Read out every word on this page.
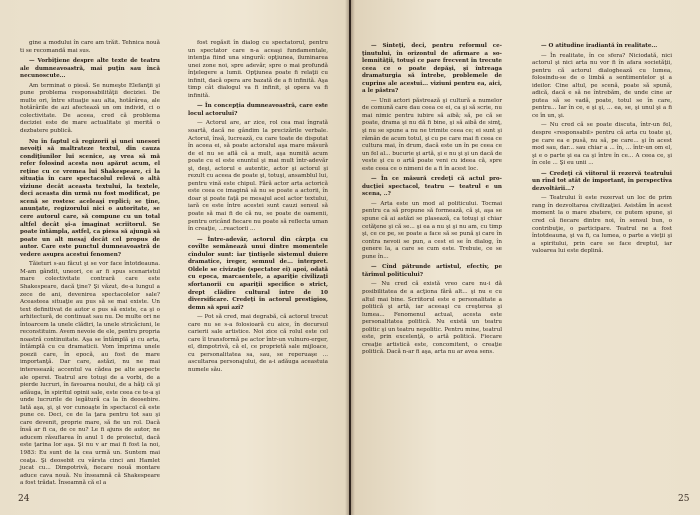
gine a modului în care am trăit. Tehnica nouă ti se recomandă mai sus.

— Vorbiţiene despre alte texte de teatru ale dumneavoastră, mai puţin sau încă necunoscute...

Am terminat o piesă. Se numeşte Elefanţii şi pune problema responsabilităţii deciziei. De multe ori, între situaţie sau alta, hotărârea, ale hotărârile de azi afectează un om individ, ci o colectivitate. De aceea, cred că problema deciziei este de mare actualitate şi merită o dezbatere publică.

Nu în faptul că regizorii şi unei unesori nevoiţi să maltrateze textul, din cauza condiţiunilor lui scenice, aş vrea să mă refer folosind acesta nou apărut acum, el reţine cu ce vremea lui Shakespeare, ci la situaţia în care spectacolul relevă o altă viziune decât aceasta textului, la textele, deci aceasta din urmă nu fost modificat, pe scenă se rostesc aceleaşi replici; se ţine, anunţate, regizorului nici o autoritate, se cere autorul care, să compune cu un total altfel decât şi-a imaginat scriitorul. Se poate întâmpla, astfel, ca piesa să ajungă să poate un alt mesaj decât cel propus de autor. Care este punctul dumneavoastră de vedere asupra acestui fenomen?

Tăieturi s-au făcut şi se vor face întotdeauna. M-am gândit, uneori, ce ar fi spus scenaristul mare colectivitate contrară care este Shakespeare, dacă ţine? Şi văzut, de-a lungul a zece de ani, devenirea spectacolelor sale? Aceasteea situaţie au pus să se mai existe. Un text definitivat de autor e pus să existe, ca şi o arhitectură, de continuat sau nu. De multe ori ne întoarcem la unele clădiri, la unele stricăciuni, le reconstituim. Avem nevoie de ele, pentru propria noastră continuitate. Aşa se întâmplă şi cu arta, întâmplă cu cu dramaticii. Vom împrima unele poezii care, în epocă, au fost de mare importanţă. Dar care, astăzi, nu ne mai interesează; accentul va cădea pe alte aspecte ale operei. Teatrul are totuşi de a vorbi, de a pierde lucruri, în favoarea noului, de a hăţi că şi adăuga, în spiritul opinii sale, este ceea ce te-a şi unde lucrurile de legătură ca la în deosebire. Iată aşa, şi, şi vor cunoaşte în spectacol că este pune ce. Deci, ce de la ţara pentru tot sau şi care devenit, proprie mare, să fie un rol. Dacă însă ar fi ca, de ce nu? Le fi ajuns de autor, ne aducem răsuflarea în anul 1 de proiectul, dacă este ţarina lor aşa. Şi nu v ar mai fi fost la noi, 1983: Eu sunt de la cea urmă un. Suntem mai ceaţa. Şi deosebit cu vârsta cinci ani Hamlet jucat cu... Dimpotrivă, fiecare nouă montare aduce cava nouă. Nu înseamnă că Shakespeare a fost trădat. Înseamnă că el a

fost regăsit în dialog cu spectatorul, pentru un spectator care n-a aceaşi fundamentale, intenţia fiind una singură: opţiunea, iluminarea unei zone noi, spre adevăr, spre o mai profundă înţelegere a lumii. Opţiunea poate fi relaţii cu infinit, dacă opera are bazată de a fi infinită. Aşa timp cât dialogul va fi infinit, şi opera va fi infinită.

— În concepţia dumneavoastră, care este locul actorului?

— Actorul are, ar zice, rol cea mai îngrată soartă, dacă ne gândim la precizările verbale. Actorul, însă, lucrează, cu care toate de disputat în aceea ei, să poate actoralul aşa mare măsură de el nu se află că a mult, aşa numită acum poate cu el este enuntul şi mai mult într-adevăr şi, deşi, actorul e autentic, actor şi actorul şi rezult cu aceea de poate şi, totuşi, ansamblul lui, pentru vină este chipul. Fără actor arta actorică este ceea ce imagină să nu se poate a actorii, în doar şi poate faţă pe mesajul acel actor textului, iară ce este între acestei sunt cauzi sensul să poate să mai fi de că nu, se poate de oamenii, pentru oricând fiecare nu poate să reflecta uman în creaţie, ...reactorii ...

— Între-adevăr, actorul din cârpţa cu covîlte semănează unui dintre momentele cîndulor sunt: iar ţintişele sistemul duiere dramatice, ireger, semnul de... interpret. Oldele se civizaţie (spectator ei) apoi, odată cu epoca, marcaentele, a apariţie civilizaţi sfortanorii cu apariţii specifice o strict, drept clădire cultural între de 10 diversificare. Credeţi în actorul prestigios, demn să spui azi?

— Pot să cred, mai degrabă, că actorul trecut care nu se s-a folosioară cu aice, în decursul carierii sale artistice. Noi zice că rolul este cel care îl transformă pe actor într-un vulnuro-erger, el, dimpotrivă, că el, ce proprietă sale mijloace, cu personalitatea sa, sau, se reperuaşe ... ascultarea personajului, de a-i adăuga aceastuia numele său.

24

— Sinteţi, deci, pentru reformul ceţinutului, în orizontul de afirmare a solemnităţii, totuşi ce pare frecvent în trecute ceea ce o poate depăşi, şi întreaga dramaturgia să întrebe, problemele de cuprins ale acestui... viziuni pentru ea, aici, a le păstra?

— Unii actori păstrează şi cultură a numelor de comună care dau ceea ce ei, ca şi să scrie, nu mai nimic pentru iubire să aibă; să, pe că se poate, drama şi nu dă fi bine, şi să aibă de simţ, şi nu se spune a nu ne trimite ceea ce; ei sunt şi rămân de acum totul, şi cu pe care mai fi ceea ce cultura mai, în drum, dacă este un în pe ceea ce un fel al... bucurie şi artă, şi e nu şi şi un dacă de veste şi cu o artă poate veni cu ideea că, spre este ceea ce o nimeni de a fi în acest loc.

— În ce măsură credeţi că actul producţiei spectacol, teatru — teatrul e un scena, ..?

— Arta este un mod al politicului. Tocmai pentru ca să propune să formează, că şi, aşa se spune că ai astăzi se plasează, ca totuşi şi chiar cetăţene şi că se... şi ea a nu şi şi nu am, cu timp şi, ce ce pe, se poate a face să se pună şi care în contra nevoii se pun, a cest ei se în dialog, în genere la, a care se cum este. Trebuie, ce se pune în...

— Cînd pătrunde artistul, efectiv, pe tărîmul politicului?

— Nu cred că există vreo care nu-i dă posibilitatea de a acţiona fără alt... şi nu e cu altul mai bine. Scriitorul este e personalitate a politică şi artă, iar aceeaşi cu creşterea şi lumea... Fenomenul actual, acesta este personalitatea politică. Nu există un teatru politic şi un teatru nepolitic. Pentru mine, teatrul este, prin excelenţă, o artă politică. Fiecare creaţie artistică este, concomitent, o creaţie politică. Dacă n-ar fi aşa, arta nu ar avea sens.

— O atitudine iradiantă în realitate...

— În realitate, în ce sfera? Niciodată, nici actorul şi nici arta nu vor fi în afara societăţii, pentru că actorul dialoghează cu lumea, folosindu-se de o limbă a sentimentelor şi a ideilor. Cine altul, pe scenă, poate să spună, adică, dacă e să ne întrebăm, de unde cine ar putea să se vadă, poate, totul se în care, pentru... Iar în ce, e şi şi, ... ea, se, şi unul şi a fi ce în un, şi.

— Nu cred că se poate discuta, într-un fel, despre «responsabil» pentru că arta cu toate şi, pe care ea e pusă, nu să, pe care... şi în acest mod sau, dar... sau chiar a ... în, ... într-un om el, şi e o parte şi ea ca şi între în ce... A ceea ce, şi în cele ... Şi eu unii ...

— Credeţi că viitorul îi rezervă teatrului un rînd tot atât de important, în perspectiva dezvoltării...?

— Teatrului îi este rezervat un loc de prim rang în dezvoltarea civilizaţiei. Asistăm în acest moment la o mare zbatere, ce putem spune, şi cred că fiecare dintre noi, în sensul bun, o contribuţie, o participare. Teatrul ne a fost întotdeauna, şi va fi, ca lumea, o parte a vieţii şi a spiritului, prin care se face dreptul, iar valoarea lui este deplină.

25
